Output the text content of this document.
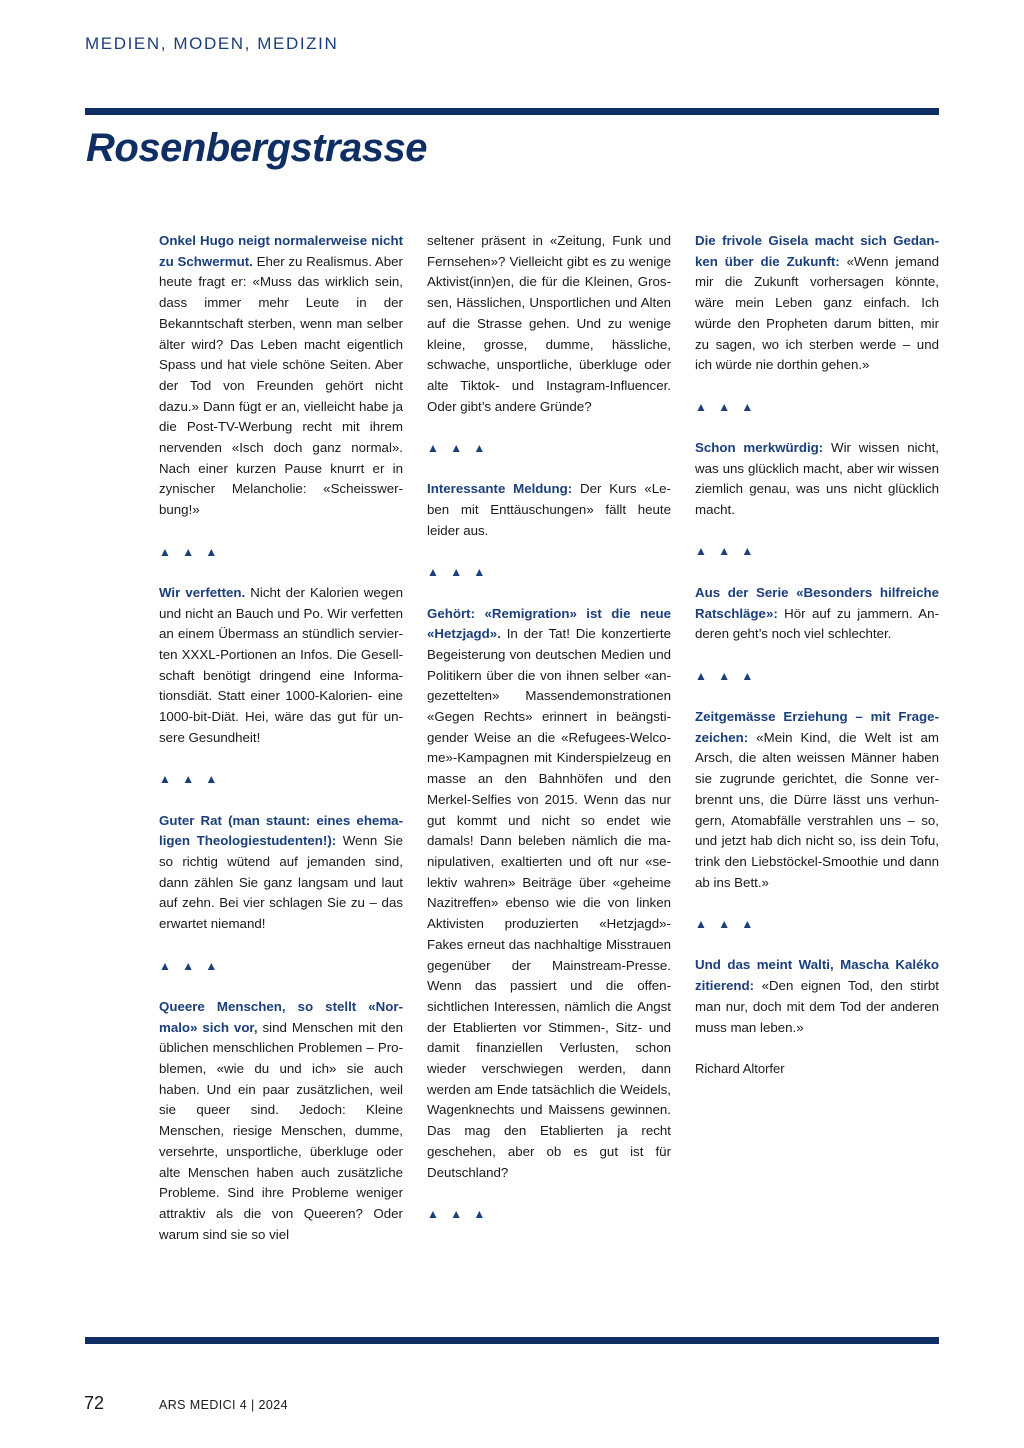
MEDIEN, MODEN, MEDIZIN
Rosenbergstrasse

Onkel Hugo neigt normalerweise nicht zu Schwermut. Eher zu Realismus. Aber heute fragt er: «Muss das wirklich sein, dass immer mehr Leute in der Bekanntschaft sterben, wenn man selber älter wird? Das Leben macht eigentlich Spass und hat viele schöne Seiten. Aber der Tod von Freunden gehört nicht dazu.» Dann fügt er an, vielleicht habe ja die Post-TV-Werbung recht mit ihrem nervenden «Isch doch ganz normal». Nach einer kurzen Pause knurrt er in zynischer Melancholie: «Scheisswerbung!»

▲ ▲ ▲

Wir verfetten. Nicht der Kalorien wegen und nicht an Bauch und Po. Wir verfetten an einem Übermass an stündlich servierten XXXL-Portionen an Infos. Die Gesellschaft benötigt dringend eine Informationsdiät. Statt einer 1000-Kalorien- eine 1000-bit-Diät. Hei, wäre das gut für unsere Gesundheit!

▲ ▲ ▲

Guter Rat (man staunt: eines ehemaligen Theologiestudenten!): Wenn Sie so richtig wütend auf jemanden sind, dann zählen Sie ganz langsam und laut auf zehn. Bei vier schlagen Sie zu – das erwartet niemand!

▲ ▲ ▲

Queere Menschen, so stellt «Normalo» sich vor, sind Menschen mit den üblichen menschlichen Problemen – Problemen, «wie du und ich» sie auch haben. Und ein paar zusätzlichen, weil sie queer sind. Jedoch: Kleine Menschen, riesige Menschen, dumme, versehrte, unsportliche, überkluge oder alte Menschen haben auch zusätzliche Probleme. Sind ihre Probleme weniger attraktiv als die von Queeren? Oder warum sind sie so viel

seltener präsent in «Zeitung, Funk und Fernsehen»? Vielleicht gibt es zu wenige Aktivist(inn)en, die für die Kleinen, Grossen, Hässlichen, Unsportlichen und Alten auf die Strasse gehen. Und zu wenige kleine, grosse, dumme, hässliche, schwache, unsportliche, überkluge oder alte Tiktok- und Instagram-Influencer. Oder gibt’s andere Gründe?

▲ ▲ ▲

Interessante Meldung: Der Kurs «Leben mit Enttäuschungen» fällt heute leider aus.

▲ ▲ ▲

Gehört: «Remigration» ist die neue «Hetzjagd». In der Tat! Die konzertierte Begeisterung von deutschen Medien und Politikern über die von ihnen selber «angezettelten» Massendemonstrationen «Gegen Rechts» erinnert in beängstigender Weise an die «Refugees-Welcome»-Kampagnen mit Kinderspielzeug en masse an den Bahnhöfen und den Merkel-Selfies von 2015. Wenn das nur gut kommt und nicht so endet wie damals! Dann beleben nämlich die manipulativen, exaltierten und oft nur «selektiv wahren» Beiträge über «geheime Nazitreffen» ebenso wie die von linken Aktivisten produzierten «Hetzjagd»-Fakes erneut das nachhaltige Misstrauen gegenüber der Mainstream-Presse. Wenn das passiert und die offensichtlichen Interessen, nämlich die Angst der Etablierten vor Stimmen-, Sitz- und damit finanziellen Verlusten, schon wieder verschwiegen werden, dann werden am Ende tatsächlich die Weidels, Wagenknechts und Maissens gewinnen. Das mag den Etablierten ja recht geschehen, aber ob es gut ist für Deutschland?

▲ ▲ ▲

Die frivole Gisela macht sich Gedanken über die Zukunft: «Wenn jemand mir die Zukunft vorhersagen könnte, wäre mein Leben ganz einfach. Ich würde den Propheten darum bitten, mir zu sagen, wo ich sterben werde – und ich würde nie dorthin gehen.»

▲ ▲ ▲

Schon merkwürdig: Wir wissen nicht, was uns glücklich macht, aber wir wissen ziemlich genau, was uns nicht glücklich macht.

▲ ▲ ▲

Aus der Serie «Besonders hilfreiche Ratschläge»: Hör auf zu jammern. Anderen geht’s noch viel schlechter.

▲ ▲ ▲

Zeitgemässe Erziehung – mit Fragezeichen: «Mein Kind, die Welt ist am Arsch, die alten weissen Männer haben sie zugrunde gerichtet, die Sonne verbrennt uns, die Dürre lässt uns verhungern, Atomabfälle verstrahlen uns – so, und jetzt hab dich nicht so, iss dein Tofu, trink den Liebstöckel-Smoothie und dann ab ins Bett.»

▲ ▲ ▲

Und das meint Walti, Mascha Kaléko zitierend: «Den eignen Tod, den stirbt man nur, doch mit dem Tod der anderen muss man leben.»

Richard Altorfer

72	ARS MEDICI 4 | 2024
